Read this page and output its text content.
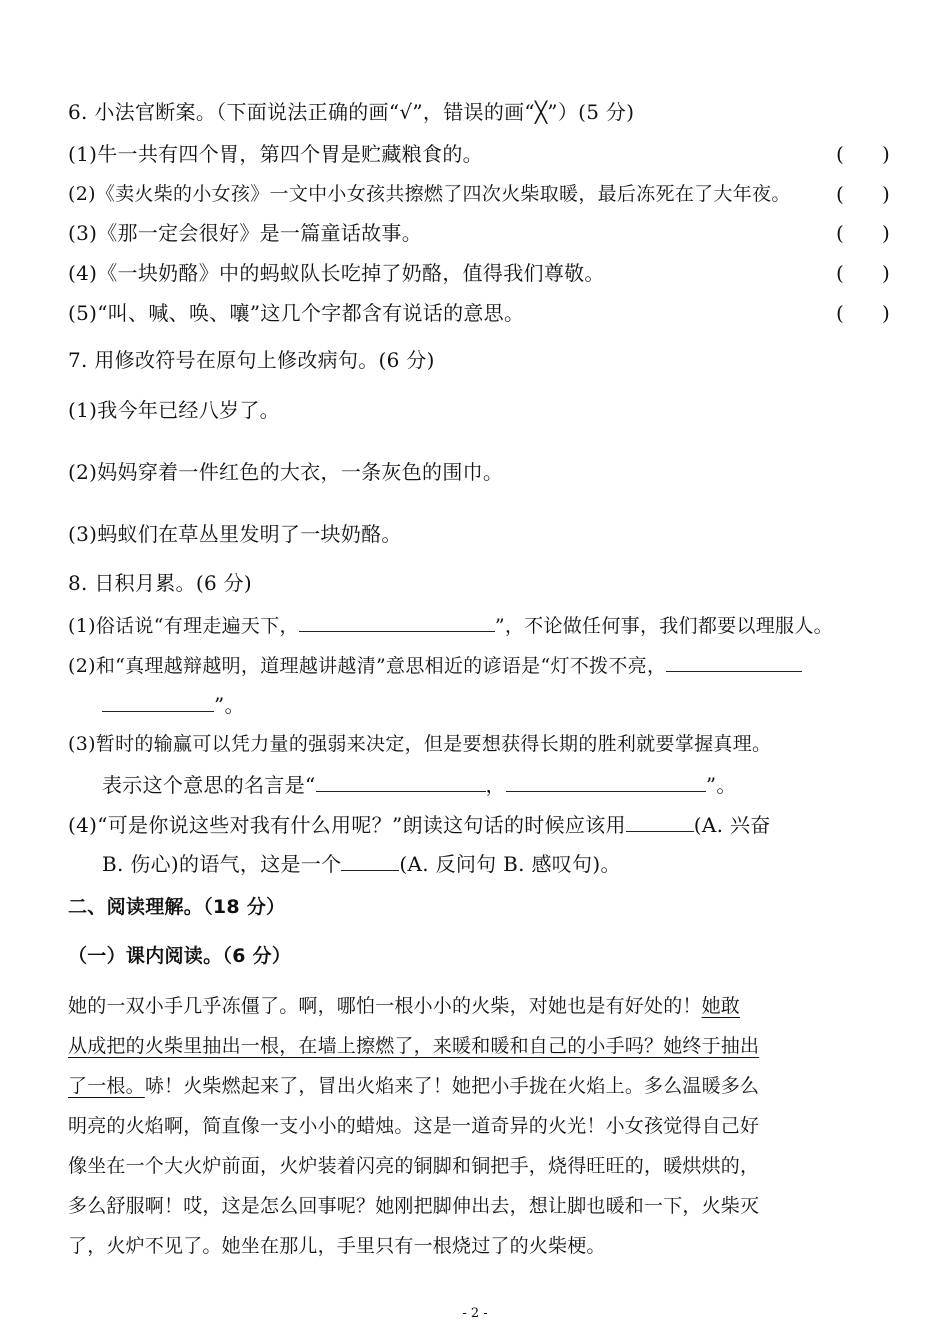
6. 小法官断案。（下面说法正确的画“√”，错误的画“╳”）(5 分)
(1)牛一共有四个胃，第四个胃是贮藏粮食的。	(      )
(2)《卖火柴的小女孩》一文中小女孩共擦燃了四次火柴取暖，最后冻死在了大年夜。 (      )
(3)《那一定会很好》是一篇童话故事。	(      )
(4)《一块奶酪》中的蚂蚁队长吃掉了奶酪，值得我们尊敬。	(      )
(5)“叫、喊、唤、嚷”这几个字都含有说话的意思。	(      )
7. 用修改符号在原句上修改病句。(6 分)
(1)我今年已经八岁了。
(2)妈妈穿着一件红色的大衣，一条灰色的围巾。
(3)蚂蚁们在草丛里发明了一块奶酪。
8. 日积月累。(6 分)
(1)俗话说“有理走遍天下，	”，不论做任何事，我们都要以理服人。
(2)和“真理越辩越明，道理越讲越清”意思相近的谚语是“灯不拨不亮，
”。
(3)暂时的输赢可以凭力量的强弱来决定，但是要想获得长期的胜利就要掌握真理。
表示这个意思的名言是“	，	”。
(4)“可是你说这些对我有什么用呢？”朗读这句话的时候应该用	(A. 兴奋
B. 伤心)的语气，这是一个	(A. 反问句 B. 感叹句)。
二、阅读理解。（18 分）
（一）课内阅读。（6 分）
她的一双小手几乎冻僵了。啊，哪怕一根小小的火柴，对她也是有好处的！她敢
从成把的火柴里抽出一根，在墙上擦燃了，来暖和暖和自己的小手吗？她终于抽出
了一根。哧！火柴燃起来了，冒出火焰来了！她把小手拢在火焰上。多么温暖多么
明亮的火焰啊，简直像一支小小的蜡烛。这是一道奇异的火光！小女孩觉得自己好
像坐在一个大火炉前面，火炉装着闪亮的铜脚和铜把手，烧得旺旺的，暖烘烘的，
多么舒服啊！哎，这是怎么回事呢？她刚把脚伸出去，想让脚也暖和一下，火柴灭
了，火炉不见了。她坐在那儿，手里只有一根烧过了的火柴梗。
- 2 -
